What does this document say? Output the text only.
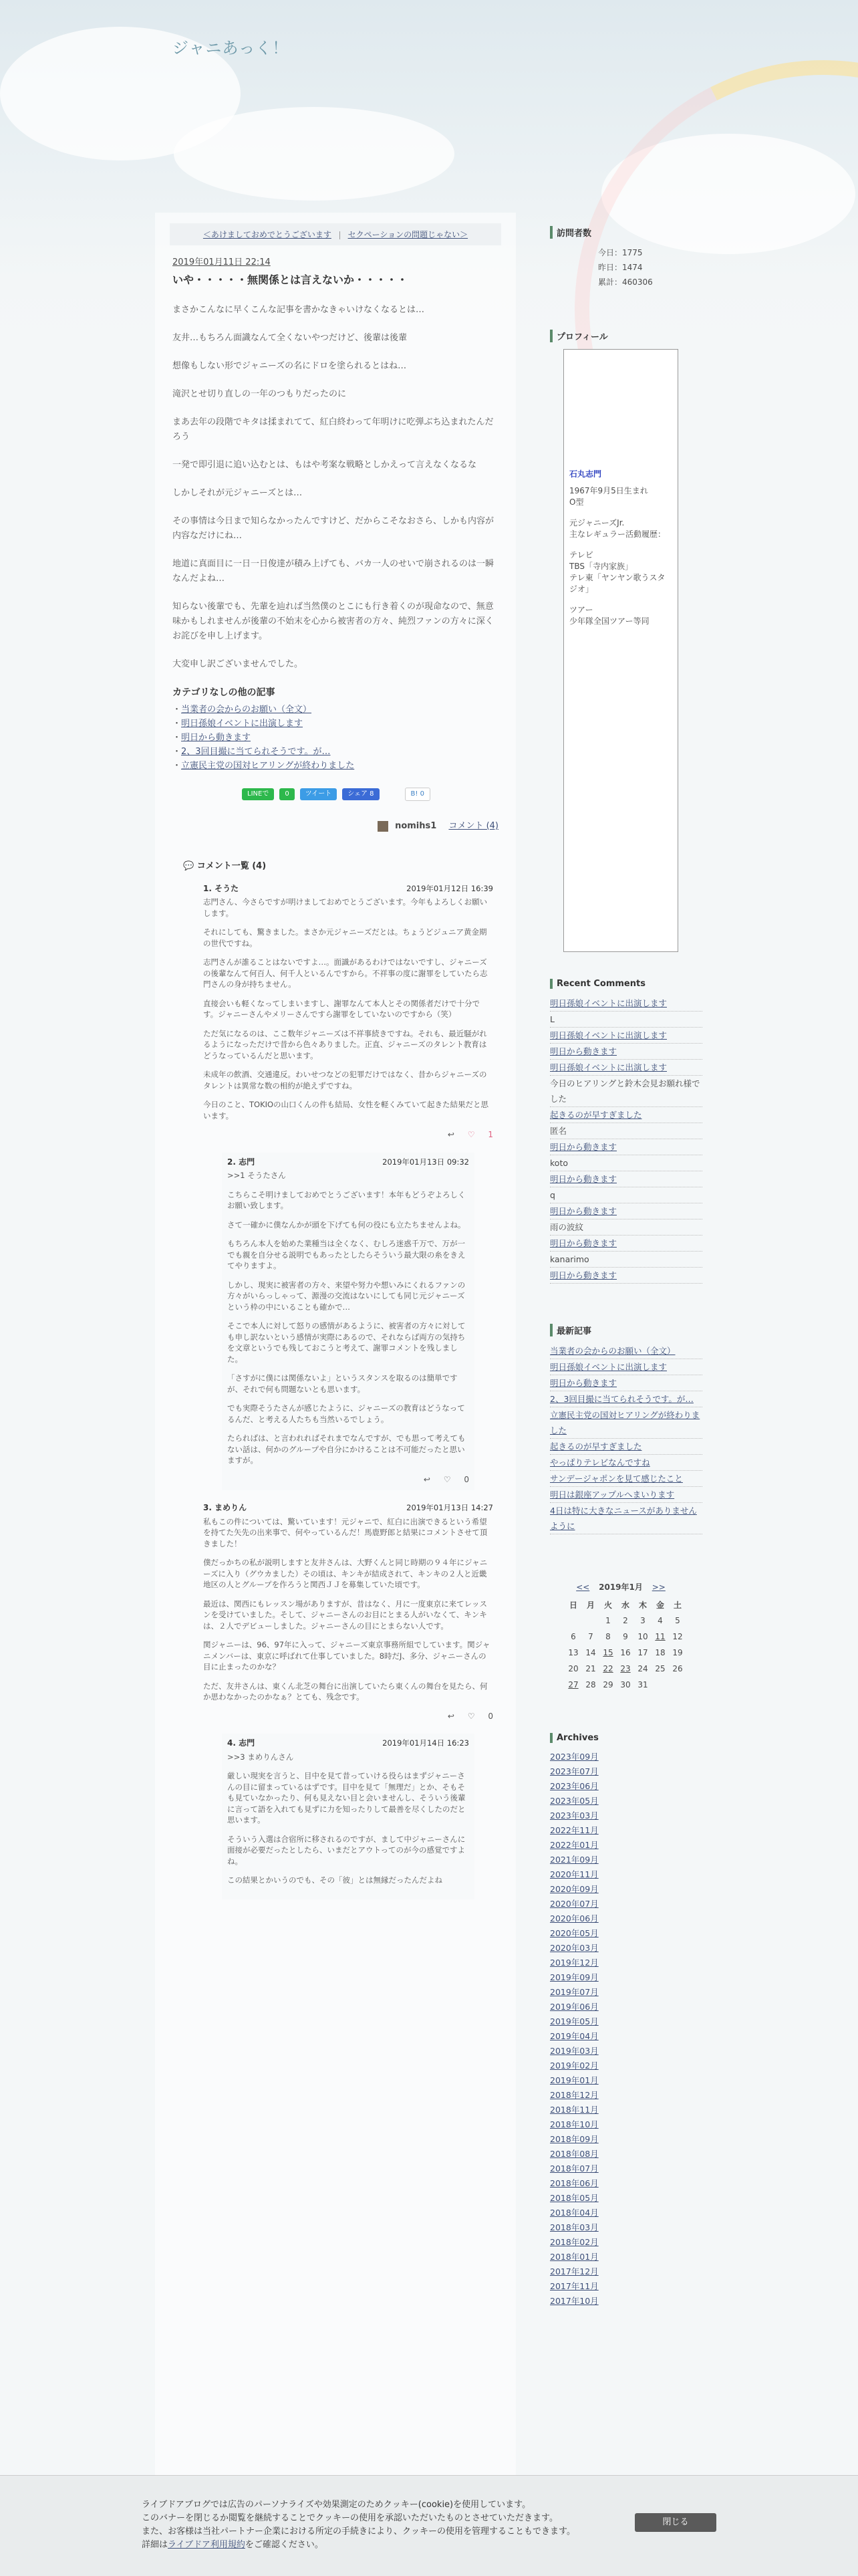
ジャニあっく！
＜あけましておめでとうございます セクペーションの問題じゃない＞
2019年01月11日 22:14
いや・・・・・無関係とは言えないか・・・・・

まさかこんなに早くこんな記事を書かなきゃいけなくなるとは…

友井…もちろん面識なんて全くないやつだけど、後輩は後輩

想像もしない形でジャニーズの名にドロを塗られるとはね…

滝沢とせ切り直しの一年のつもりだったのに

まあ去年の段階でキタは揉まれてて、紅白終わって年明けに吃弾ぶち込まれたんだろう

一発で即引退に追い込むとは、もはや考案な戦略としかえって言えなくなるな

しかしそれが元ジャニーズとは…

その事情は今日まで知らなかったんですけど、だからこそなおさら、しかも内容が内容なだけにね…

地道に真面目に一日一日俊達が積み上げても、バカ一人のせいで崩されるのは一瞬なんだよね…

知らない後輩でも、先輩を辿れば当然僕のとこにも行き着くのが現命なので、無意味かもしれませんが後輩の不始末を心から被害者の方々、純烈ファンの方々に深くお詫びを申し上げます。

大変申し訳ございませんでした。

カテゴリなしの他の記事
・ 当業者の会からのお願い（全文）
・ 明日孫娘イベントに出演します
・ 明日から動きます
・ 2、3回目撮に当てられそうです。が…
・ 立憲民主党の国対ヒアリングが終わりました
LINEで	0	ツイート	シェア 8	B! 0
nomihs1 コメント (4)
💬 コメント一覧 (4)
1. そうた	2019年01月12日 16:39

志門さん、今さらですが明けましておめでとうございます。今年もよろしくお願いします。

それにしても、驚きました。まさか元ジャニーズだとは。ちょうどジュニア黄金期の世代ですね。

志門さんが誰ることはないですよ…。面識があるわけではないですし、ジャニーズの後輩なんて何百人、何千人といるんですから。不祥事の度に謝罪をしていたら志門さんの身が持ちません。

直接会いも軽くなってしまいますし、謝罪なんて本人とその関係者だけで十分です。ジャニーさんやメリーさんですら謝罪をしていないのですから（笑）

ただ気になるのは、ここ数年ジャニーズは不祥事続きですね。それも、最近騒がれるようになっただけで昔から色々ありました。正直、ジャニーズのタレント教育はどうなっているんだと思います。

未成年の飲酒、交通違反。わいせつなどの犯罪だけではなく、昔からジャニーズのタレントは異常な数の相約が絶えずですね。

今日のこと、TOKIOの山口くんの件も結局、女性を軽くみていて起きた結果だと思います。

↩ ♡ 1
2. 志門	2019年01月13日 09:32

>>1 そうたさん

こちらこそ明けましておめでとうございます！本年もどうぞよろしくお願い致します。

さて一確かに僕なんかが頭を下げても何の役にも立たちませんよね。

もちろん本人を始めた業種当は全くなく、むしろ迷惑千万で、万が一でも親を自分せる説明でもあったとしたらそういう最大限の糸をきえてやりますよ。

しかし、現実に被害者の方々、来望や努力や想いみにくれるファンの方々がいらっしゃって、源漫の交流はないにしても同じ元ジャニーズという枠の中にいることも確かで…

そこで本人に対して怒りの感情があるように、被害者の方々に対しても申し訳ないという感情が実際にあるので、それならば両方の気持ちを文章というでも残しておこうと考えて、謝罪コメントを残しました。

「さすがに僕には関係ないよ」というスタンスを取るのは簡単ですが、それで何も問題ないとも思います。

でも実際そうたさんが感じたように、ジャニーズの教育はどうなってるんだ、と考える人たちも当然いるでしょう。

たらればは、と言われればそれまでなんですが、でも思って考えてもない話は、何かのグループや自分にかけることは不可能だったと思いますが。

↩ ♡ 0
3. まめりん	2019年01月13日 14:27

私もこの件については、驚いています！元ジャニで、紅白に出演できるという希望を持てた矢先の出来事で、何やっているんだ！馬鹿野郎と結果にコメントさせて頂きました！

僕だっかちの私が説明しますと友井さんは、大野くんと同じ時期の９４年にジャニーズに入り（グウカました）その頃は、キンキが結成されて、キンキの２人と近畿地区の人とグループを作ろうと関西ＪＪを募集していた頃です。

最近は、関西にもレッスン場がありますが、昔はなく、月に一度東京に来てレッスンを受けていました。そして、ジャニーさんのお目にとまる人がいなくて、キンキは、２人でデビューしました。ジャニーさんの目にとまらない人です。

関ジャニーは、96、97年に入って、ジャニーズ東京事務所組でしています。関ジャニメンバーは、東京に呼ばれて仕事していました。8時だJ、多分、ジャニーさんの目に止まったのかな？

ただ、友井さんは、東くん北芝の舞台に出演していたら東くんの舞台を見たら、何か思わなかったのかなぁ？とても、残念です。

↩ ♡ 0
4. 志門	2019年01月14日 16:23

>>3 まめりんさん

厳しい現実を言うと、目中を見て昔っていける役らはまずジャニーさんの目に留まっているはずです。目中を見て「無理だ」とか、そもそも見ていなかったり、何も見えない目と会いませんし、そういう後輩に言って語を入れても見ずに力を知ったりして最善を尽くしたのだと思います。

そういう入選は合宿所に移されるのですが、まして中ジャニーさんに面接が必要だったとしたら、いまだとアウトってのが今の感覚ですよね。

この結果とかいうのでも、その「彼」とは無縁だったんだよね

訪問者数
今日：1775
昨日：1474
累計：460306
プロフィール
石丸志門
1967年9月5日生まれ
O型
元ジャニーズJr.
主なレギュラー活動履歴：
テレビ
TBS「寺内家族」
テレ東「ヤンヤン歌うスタジオ」
ツアー
少年隊全国ツアー等同
Recent Comments
明日孫娘イベントに出演します
L
明日孫娘イベントに出演します
明日から動きます
明日孫娘イベントに出演します
今日のヒアリングと鈴木会見お願れ様でした
起きるのが早すぎました
匿名
明日から動きます
koto
明日から動きます
q
明日から動きます
雨の波紋
明日から動きます
kanarimo
明日から動きます
最新記事
当業者の会からのお願い（全文）
明日孫娘イベントに出演します
明日から動きます
2、3回目撮に当てられそうです。が…
立憲民主党の国対ヒアリングが終わりました
起きるのが早すぎました
やっぱりテレビなんですね
サンデージャポンを見て感じたこと
明日は銀座アップルへまいります
4日は特に大きなニュースがありませんように
<< 2019年1月 >>
日	月	火	水	木	金	土
		1	2	3	4	5
6	7	8	9	10	11	12
13	14	15	16	17	18	19
20	21	22	23	24	25	26
27	28	29	30	31		
Archives
2023年09月
2023年07月
2023年06月
2023年05月
2023年03月
2022年11月
2022年01月
2021年09月
2020年11月
2020年09月
2020年07月
2020年06月
2020年05月
2020年03月
2019年12月
2019年09月
2019年07月
2019年06月
2019年05月
2019年04月
2019年03月
2019年02月
2019年01月
2018年12月
2018年11月
2018年10月
2018年09月
2018年08月
2018年07月
2018年06月
2018年05月
2018年04月
2018年03月
2018年02月
2018年01月
2017年12月
2017年11月
2017年10月
ライブドアブログでは広告のパーソナライズや効果測定のためクッキー(cookie)を使用しています。
このバナーを閉じるか閲覧を継続することでクッキーの使用を承認いただいたものとさせていただきます。
また、お客様は当社パートナー企業における所定の手続きにより、クッキーの使用を管理することもできます。
詳細はライブドア利用規約をご確認ください。
閉じる
